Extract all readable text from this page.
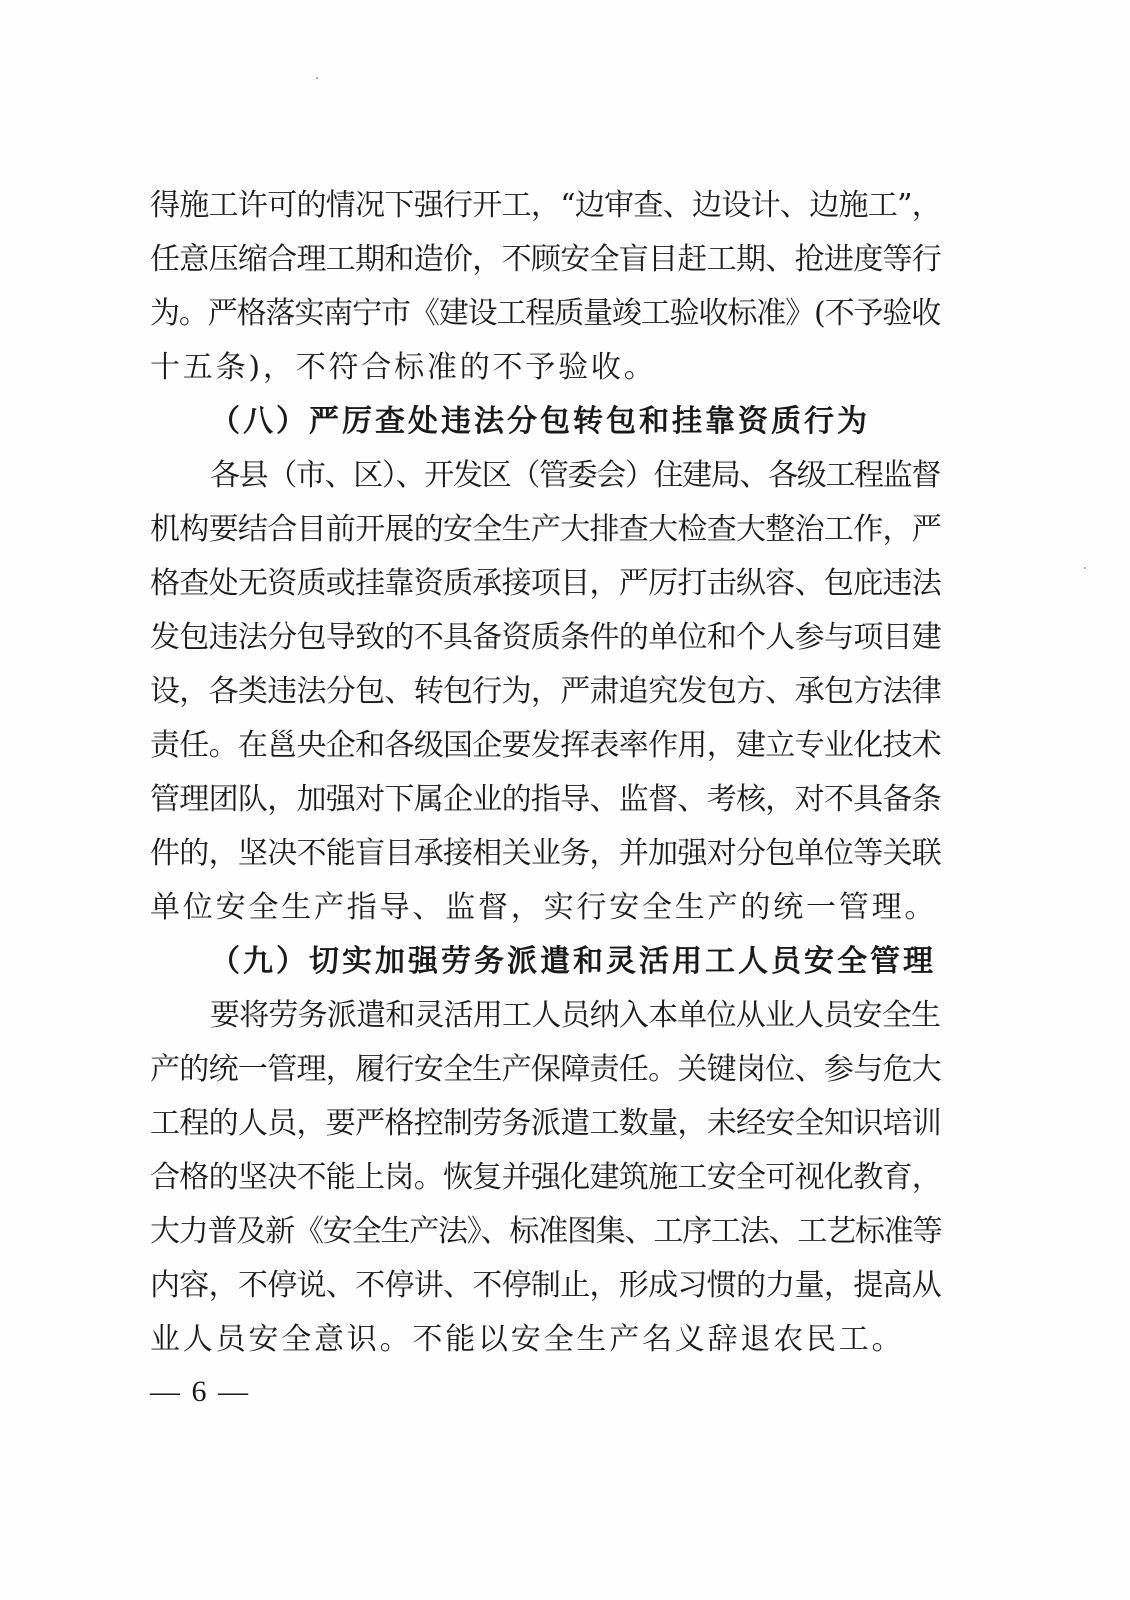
得施工许可的情况下强行开工，“边审查、边设计、边施工”，
任意压缩合理工期和造价，不顾安全盲目赶工期、抢进度等行
为。严格落实南宁市《建设工程质量竣工验收标准》(不予验收
十五条)，不符合标准的不予验收。
（八）严厉查处违法分包转包和挂靠资质行为
各县（市、区）、开发区（管委会）住建局、各级工程监督
机构要结合目前开展的安全生产大排查大检查大整治工作，严
格查处无资质或挂靠资质承接项目，严厉打击纵容、包庇违法
发包违法分包导致的不具备资质条件的单位和个人参与项目建
设，各类违法分包、转包行为，严肃追究发包方、承包方法律
责任。在邕央企和各级国企要发挥表率作用，建立专业化技术
管理团队，加强对下属企业的指导、监督、考核，对不具备条
件的，坚决不能盲目承接相关业务，并加强对分包单位等关联
单位安全生产指导、监督，实行安全生产的统一管理。
（九）切实加强劳务派遣和灵活用工人员安全管理
要将劳务派遣和灵活用工人员纳入本单位从业人员安全生
产的统一管理，履行安全生产保障责任。关键岗位、参与危大
工程的人员，要严格控制劳务派遣工数量，未经安全知识培训
合格的坚决不能上岗。恢复并强化建筑施工安全可视化教育，
大力普及新《安全生产法》、标准图集、工序工法、工艺标准等
内容，不停说、不停讲、不停制止，形成习惯的力量，提高从
业人员安全意识。不能以安全生产名义辞退农民工。
— 6 —
